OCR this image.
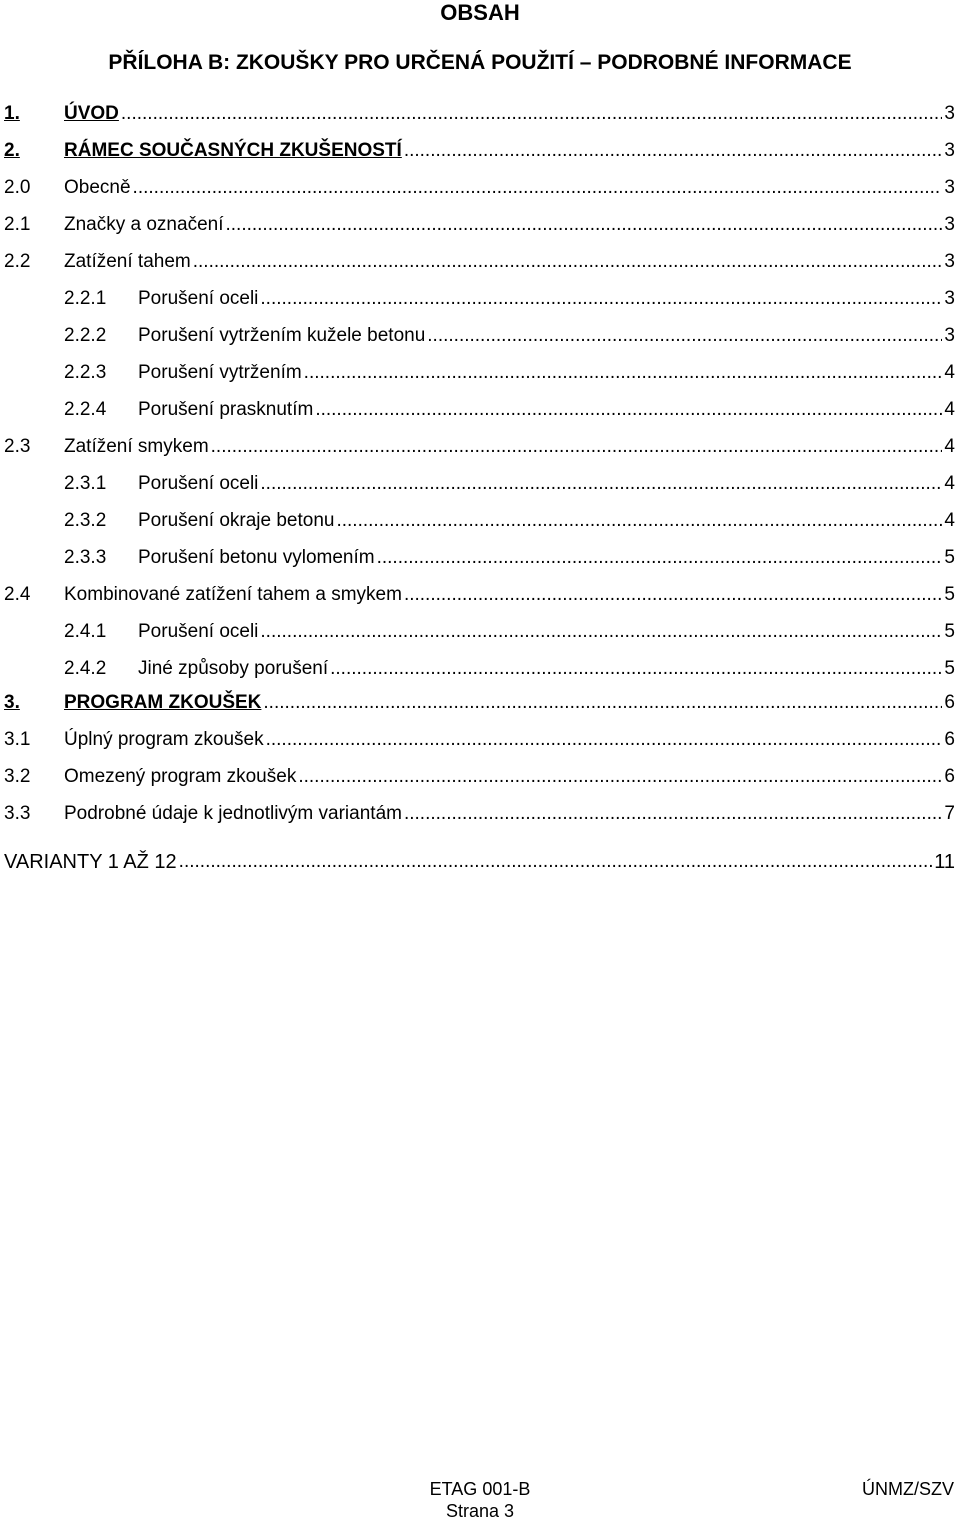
OBSAH
PŘÍLOHA B: ZKOUŠKY PRO URČENÁ POUŽITÍ – PODROBNÉ INFORMACE
1.	ÚVOD .....	3
2.	RÁMEC SOUČASNÝCH ZKUŠENOSTÍ .....	3
2.0	Obecně .....	3
2.1	Značky a označení .....	3
2.2	Zatížení tahem .....	3
2.2.1	Porušení oceli .....	3
2.2.2	Porušení vytržením kužele betonu .....	3
2.2.3	Porušení vytržením .....	4
2.2.4	Porušení prasknutím .....	4
2.3	Zatížení smykem .....	4
2.3.1	Porušení oceli .....	4
2.3.2	Porušení okraje betonu .....	4
2.3.3	Porušení betonu vylomením .....	5
2.4	Kombinované zatížení tahem a smykem .....	5
2.4.1	Porušení oceli .....	5
2.4.2	Jiné způsoby porušení .....	5
3.	PROGRAM ZKOUŠEK .....	6
3.1	Úplný program zkoušek .....	6
3.2	Omezený program zkoušek .....	6
3.3	Podrobné údaje k jednotlivým variantám .....	7
VARIANTY 1 AŽ 12 .....	11
ETAG 001-B
Strana 3
ÚNMZ/SZV
